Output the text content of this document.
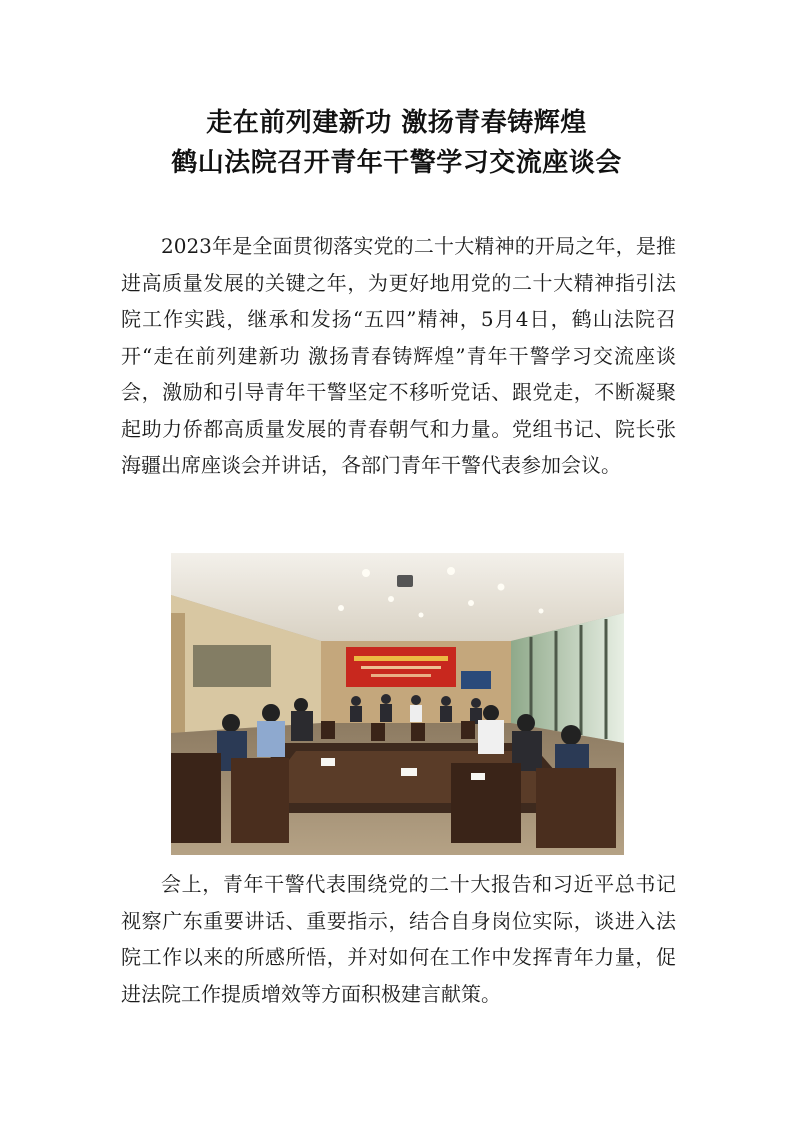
走在前列建新功 激扬青春铸辉煌
鹤山法院召开青年干警学习交流座谈会

2023年是全面贯彻落实党的二十大精神的开局之年，是推进高质量发展的关键之年，为更好地用党的二十大精神指引法院工作实践，继承和发扬“五四”精神，5月4日，鹤山法院召开“走在前列建新功 激扬青春铸辉煌”青年干警学习交流座谈会，激励和引导青年干警坚定不移听党话、跟党走，不断凝聚起助力侨都高质量发展的青春朝气和力量。党组书记、院长张海疆出席座谈会并讲话，各部门青年干警代表参加会议。

会上，青年干警代表围绕党的二十大报告和习近平总书记视察广东重要讲话、重要指示，结合自身岗位实际，谈进入法院工作以来的所感所悟，并对如何在工作中发挥青年力量，促进法院工作提质增效等方面积极建言献策。
